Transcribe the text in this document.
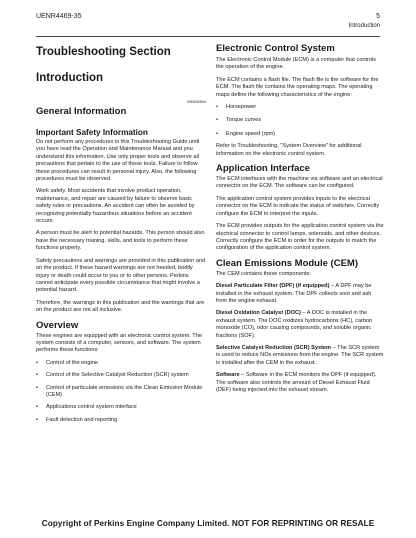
UENR4469-35	5
Introduction
Troubleshooting Section
Introduction

i06926304

General Information
Important Safety Information

Do not perform any procedures in this Troubleshooting Guide until you have read the Operation and Maintenance Manual and you understand this information. Use only proper tools and observe all precautions that pertain to the use of those tools. Failure to follow these procedures can result in personal injury. Also, the following procedures must be observed.

Work safely. Most accidents that involve product operation, maintenance, and repair are caused by failure to observe basic safety rules or precautions. An accident can often be avoided by recognizing potentially hazardous situations before an accident occurs.

A person must be alert to potential hazards. This person should also have the necessary training, skills, and tools to perform these functions properly.

Safety precautions and warnings are provided in this publication and on the product. If these hazard warnings are not heeded, bodily injury or death could occur to you or to other persons. Perkins cannot anticipate every possible circumstance that might involve a potential hazard.

Therefore, the warnings in this publication and the warnings that are on the product are not all inclusive.

Overview

These engines are equipped with an electronic control system. The system consists of a computer, sensors, and software. The system performs these functions:

• Control of the engine
• Control of the Selective Catalyst Reduction (SCR) system
• Control of particulate emissions via the Clean Emission Module (CEM)
• Applications control system interface
• Fault detection and reporting
Electronic Control System

The Electronic Control Module (ECM) is a computer that controls the operation of the engine.

The ECM contains a flash file. The flash file is the software for the ECM. The flash file contains the operating maps. The operating maps define the following characteristics of the engine:

• Horsepower
• Torque curves
• Engine speed (rpm)

Refer to Troubleshooting, "System Overview" for additional information on the electronic control system.

Application Interface

The ECM interfaces with the machine via software and an electrical connector on the ECM. The software can be configured.

The application control system provides inputs to the electrical connector on the ECM to indicate the status of switches. Correctly configure the ECM to interpret the inputs.

The ECM provides outputs for the application control system via the electrical connector to control lamps, solenoids, and other devices. Correctly configure the ECM in order for the outputs to match the configuration of the application control system.

Clean Emissions Module (CEM)

The CEM contains these components:

Diesel Particulate Filter (DPF) (if equipped) – A DPF may be installed in the exhaust system. The DPF collects soot and ash from the engine exhaust.

Diesel Oxidation Catalyst (DOC) – A DOC is installed in the exhaust system. The DOC oxidizes hydrocarbons (HC), carbon monoxide (CO), odor causing compounds, and soluble organic fractions (SOF).

Selective Catalyst Reduction (SCR) System – The SCR system is used to reduce NOx emissions from the engine. The SCR system is installed after the CEM in the exhaust.

Software – Software in the ECM monitors the DPF (if equipped). The software also controls the amount of Diesel Exhaust Fluid (DEF) being injected into the exhaust stream.

Copyright of Perkins Engine Company Limited. NOT FOR REPRINTING OR RESALE
